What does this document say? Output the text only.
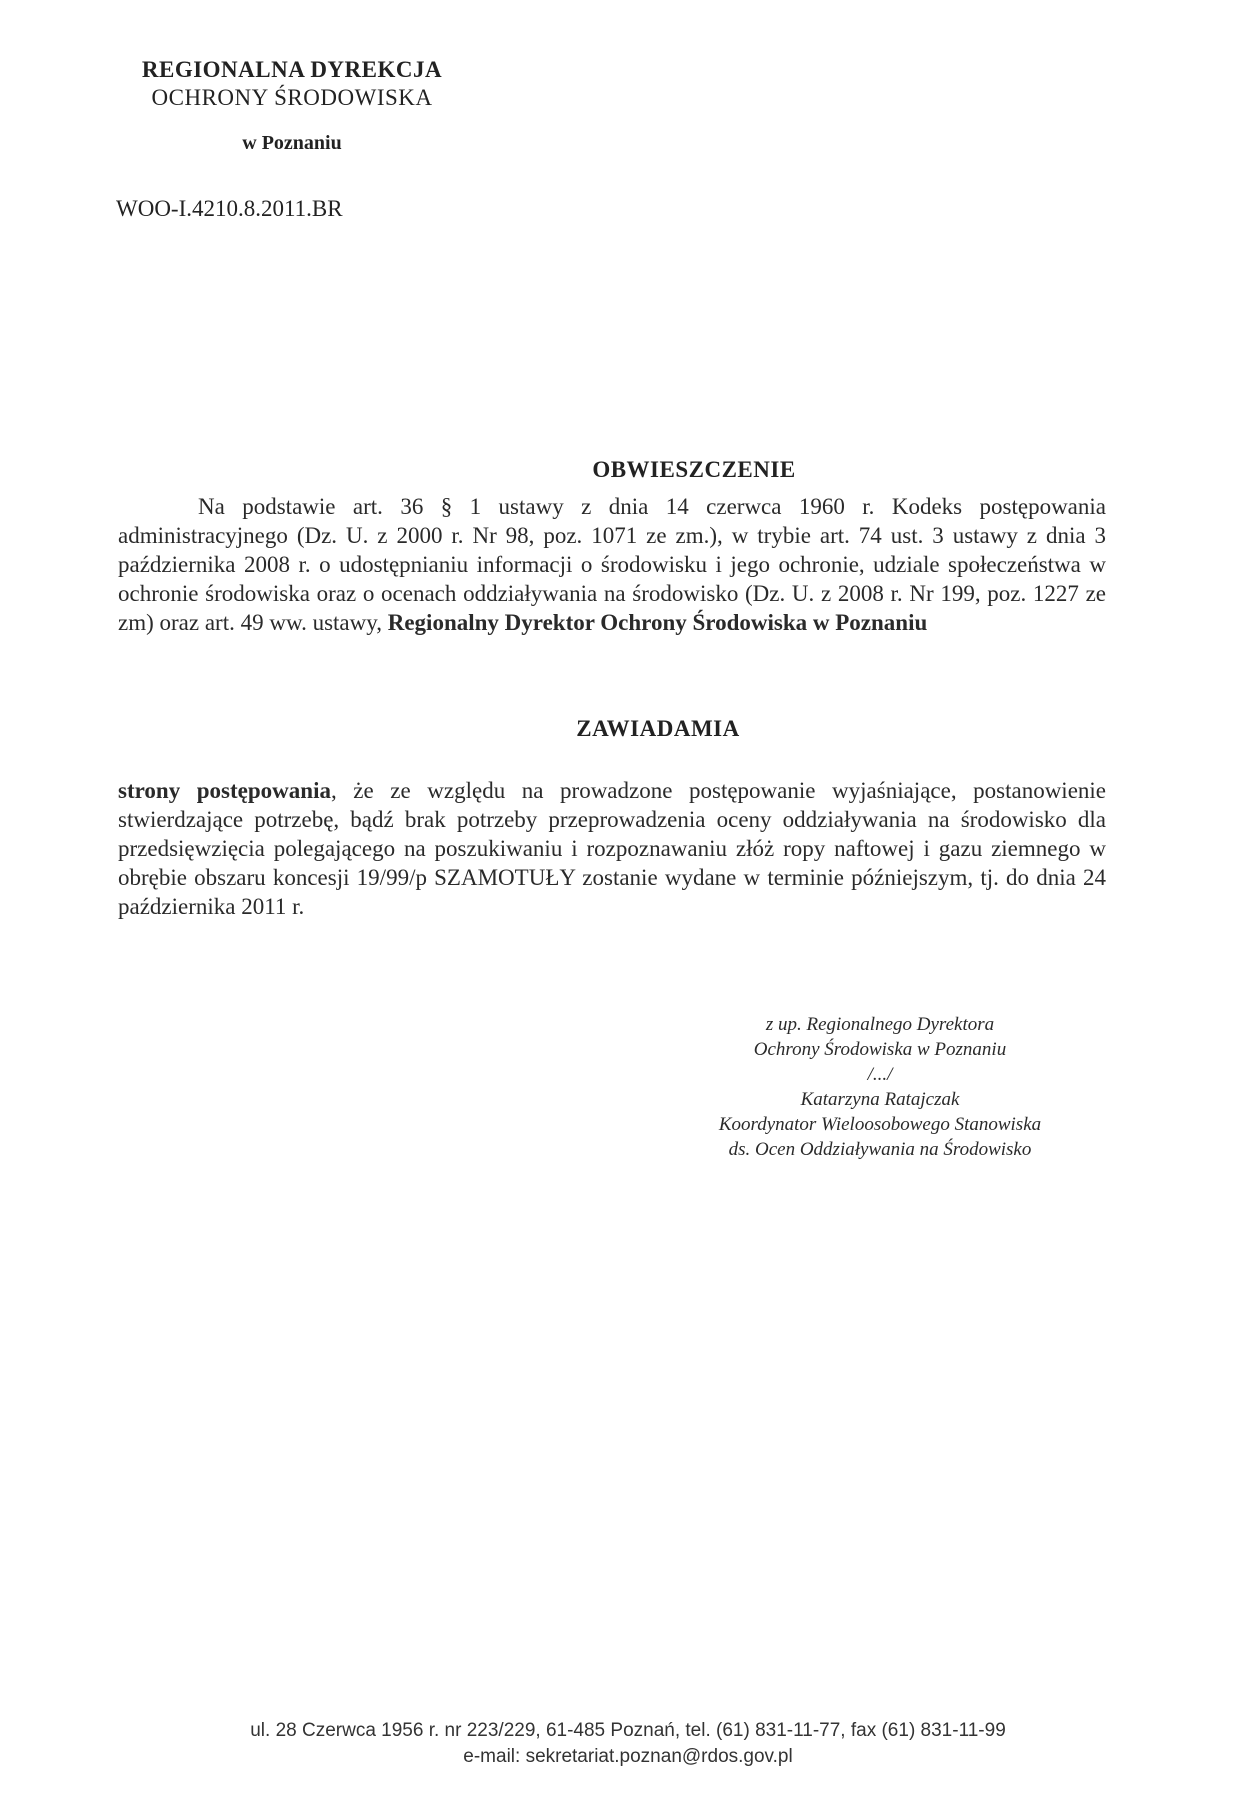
REGIONALNA DYREKCJA
OCHRONY ŚRODOWISKA
w Poznaniu
WOO-I.4210.8.2011.BR
OBWIESZCZENIE
Na podstawie art. 36 § 1 ustawy z dnia 14 czerwca 1960 r. Kodeks postępowania administracyjnego (Dz. U. z 2000 r. Nr 98, poz. 1071 ze zm.), w trybie art. 74 ust. 3 ustawy z dnia 3 października 2008 r. o udostępnianiu informacji o środowisku i jego ochronie, udziale społeczeństwa w ochronie środowiska oraz o ocenach oddziaływania na środowisko (Dz. U. z 2008 r. Nr 199, poz. 1227 ze zm) oraz art. 49 ww. ustawy, Regionalny Dyrektor Ochrony Środowiska w Poznaniu
ZAWIADAMIA
strony postępowania, że ze względu na prowadzone postępowanie wyjaśniające, postanowienie stwierdzające potrzebę, bądź brak potrzeby przeprowadzenia oceny oddziaływania na środowisko dla przedsięwzięcia polegającego na poszukiwaniu i rozpoznawaniu złóż ropy naftowej i gazu ziemnego w obrębie obszaru koncesji 19/99/p SZAMOTUŁY zostanie wydane w terminie późniejszym, tj. do dnia 24 października 2011 r.
z up. Regionalnego Dyrektora
Ochrony Środowiska w Poznaniu
/.../
Katarzyna Ratajczak
Koordynator Wieloosobowego Stanowiska
ds. Ocen Oddziaływania na Środowisko
ul. 28 Czerwca 1956 r. nr 223/229, 61-485 Poznań, tel. (61) 831-11-77, fax (61) 831-11-99
e-mail: sekretariat.poznan@rdos.gov.pl
